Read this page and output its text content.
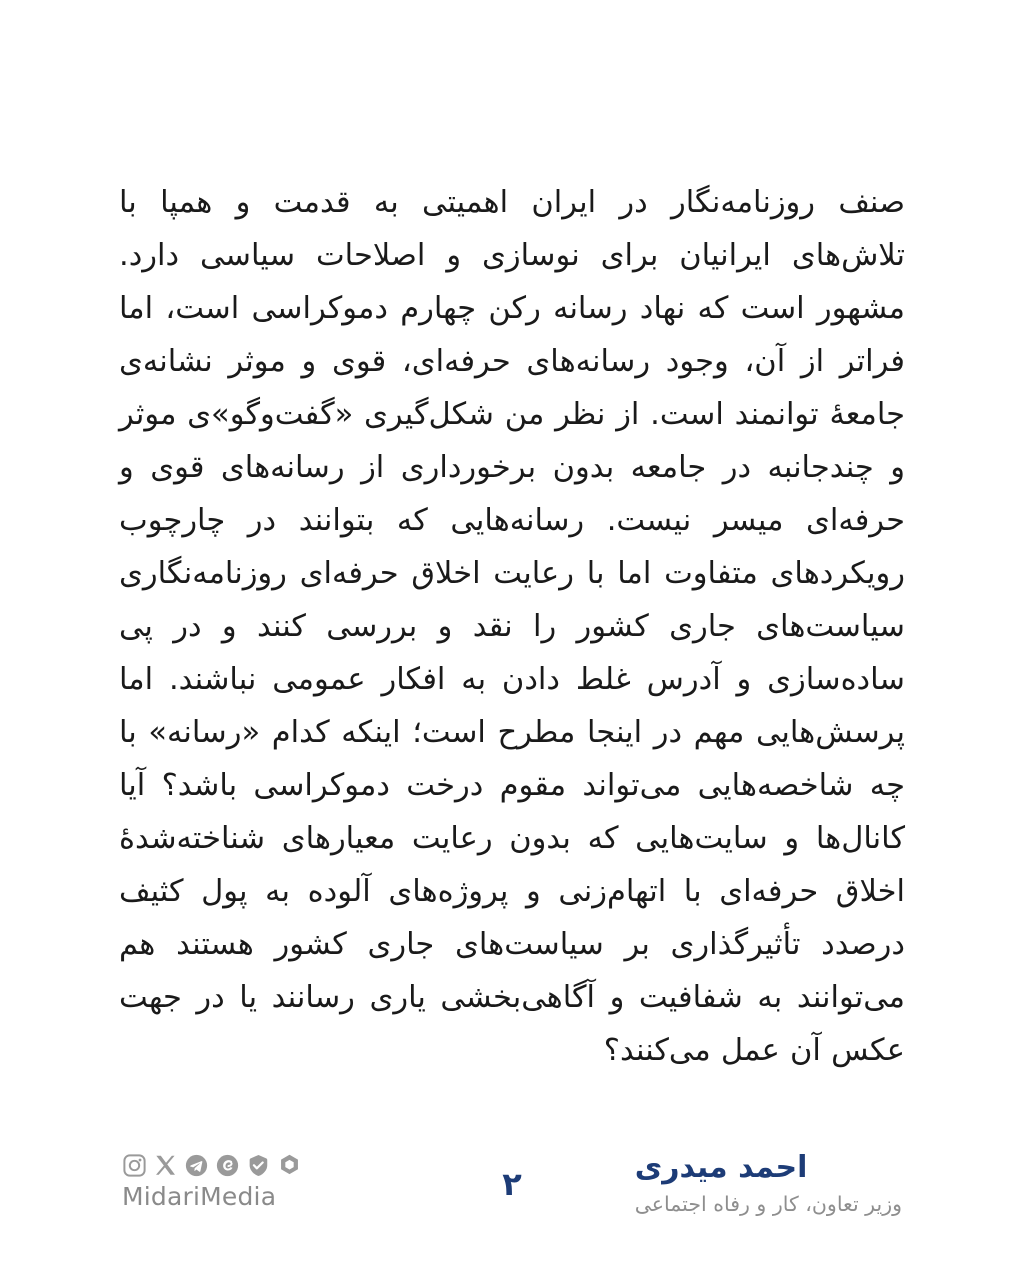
صنف روزنامه‌نگار در ایران اهمیتی به قدمت و همپا با تلاش‌های ایرانیان برای نوسازی و اصلاحات سیاسی دارد. مشهور است که نهاد رسانه رکن چهارم دموکراسی است، اما فراتر از آن، وجود رسانه‌های حرفه‌ای، قوی و موثر نشانه‌ی جامعهٔ توانمند است. از نظر من شکل‌گیری «گفت‌وگو»ی موثر و چندجانبه در جامعه بدون برخورداری از رسانه‌های قوی و حرفه‌ای میسر نیست. رسانه‌هایی که بتوانند در چارچوب رویکردهای متفاوت اما با رعایت اخلاق حرفه‌ای روزنامه‌نگاری سیاست‌های جاری کشور را نقد و بررسی کنند و در پی ساده‌سازی و آدرس غلط دادن به افکار عمومی نباشند. اما پرسش‌هایی مهم در اینجا مطرح است؛ اینکه کدام «رسانه» با چه شاخصه‌هایی می‌تواند مقوم درخت دموکراسی باشد؟ آیا کانال‌ها و سایت‌هایی که بدون رعایت معیارهای شناخته‌شدهٔ اخلاق حرفه‌ای با اتهام‌زنی و پروژه‌های آلوده به پول کثیف درصدد تأثیرگذاری بر سیاست‌های جاری کشور هستند هم می‌توانند به شفافیت و آگاهی‌بخشی یاری رسانند یا در جهت عکس آن عمل می‌کنند؟

MidariMedia	۲	احمد میدری
وزیر تعاون، کار و رفاه اجتماعی
